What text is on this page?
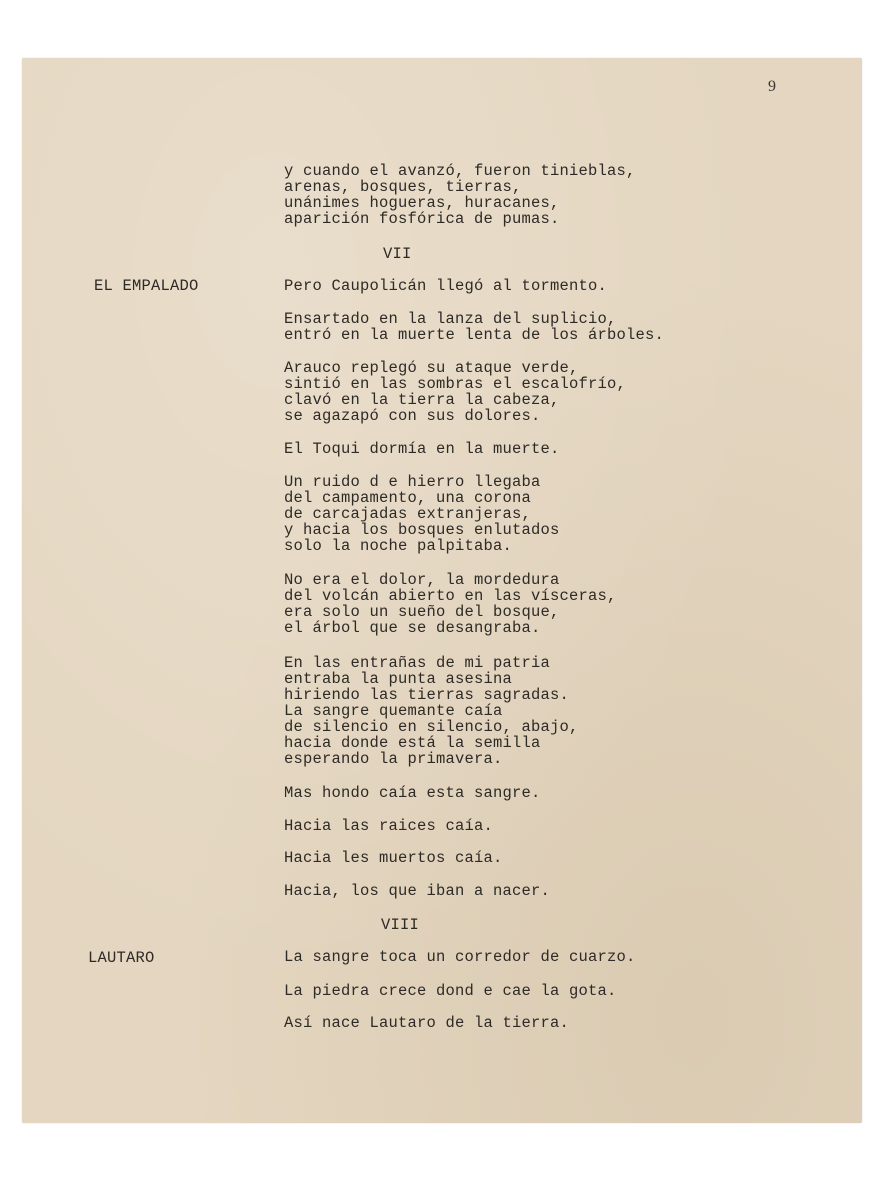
9
y cuando el avanzó, fueron tinieblas,
arenas, bosques, tierras,
unánimes hogueras, huracanes,
aparición fosfórica de pumas.
VII
EL EMPALADO	Pero Caupolicán llegó al tormento.
Ensartado en la lanza del suplicio,
entró en la muerte lenta de los árboles.
Arauco replegó su ataque verde,
sintió en las sombras el escalofrío,
clavó en la tierra la cabeza,
se agazapó con sus dolores.
El Toqui dormía en la muerte.
Un ruido d e hierro llegaba
del campamento, una corona
de carcajadas extranjeras,
y hacia los bosques enlutados
solo la noche palpitaba.
No era el dolor, la mordedura
del volcán abierto en las vísceras,
era solo un sueño del bosque,
el árbol que se desangraba.
En las entrañas de mi patria
entraba la punta asesina
hiriendo las tierras sagradas.
La sangre quemante caía
de silencio en silencio, abajo,
hacia donde está la semilla
esperando la primavera.
Mas hondo caía esta sangre.
Hacia las raices caía.
Hacia les muertos caía.
Hacia, los que iban a nacer.
VIII
LAUTARO	La sangre toca un corredor de cuarzo.
La piedra crece dond e cae la gota.
Así nace Lautaro de la tierra.
